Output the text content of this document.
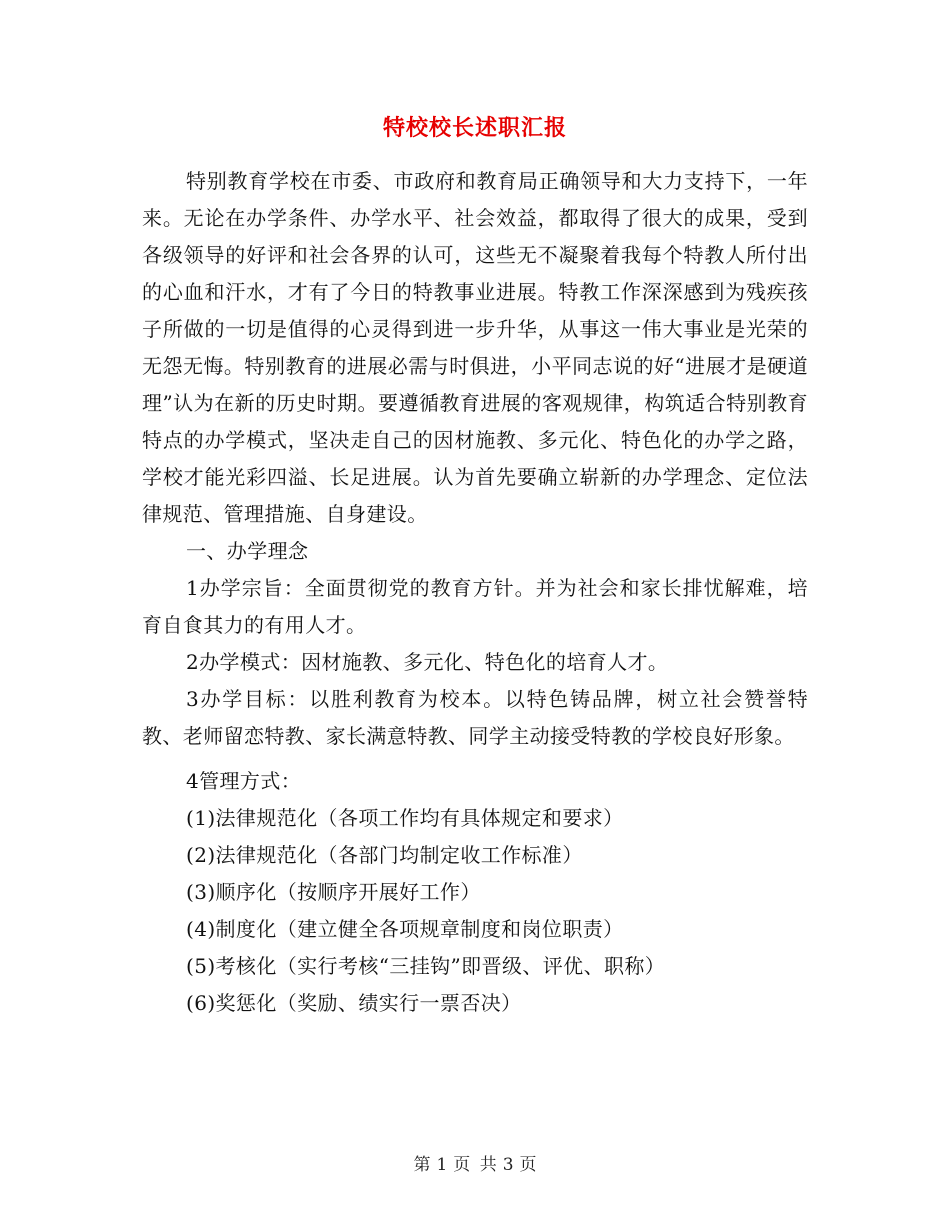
特校校长述职汇报

特别教育学校在市委、市政府和教育局正确领导和大力支持下，一年来。无论在办学条件、办学水平、社会效益，都取得了很大的成果，受到各级领导的好评和社会各界的认可，这些无不凝聚着我每个特教人所付出的心血和汗水，才有了今日的特教事业进展。特教工作深深感到为残疾孩子所做的一切是值得的心灵得到进一步升华，从事这一伟大事业是光荣的无怨无悔。特别教育的进展必需与时俱进，小平同志说的好“进展才是硬道理”认为在新的历史时期。要遵循教育进展的客观规律，构筑适合特别教育特点的办学模式，坚决走自己的因材施教、多元化、特色化的办学之路，学校才能光彩四溢、长足进展。认为首先要确立崭新的办学理念、定位法律规范、管理措施、自身建设。

一、办学理念

1办学宗旨：全面贯彻党的教育方针。并为社会和家长排忧解难，培育自食其力的有用人才。

2办学模式：因材施教、多元化、特色化的培育人才。

3办学目标：以胜利教育为校本。以特色铸品牌，树立社会赞誉特教、老师留恋特教、家长满意特教、同学主动接受特教的学校良好形象。

4管理方式：

(1)法律规范化（各项工作均有具体规定和要求）

(2)法律规范化（各部门均制定收工作标准）

(3)顺序化（按顺序开展好工作）

(4)制度化（建立健全各项规章制度和岗位职责）

(5)考核化（实行考核“三挂钩”即晋级、评优、职称）

(6)奖惩化（奖励、绩实行一票否决）

第 1 页 共 3 页
